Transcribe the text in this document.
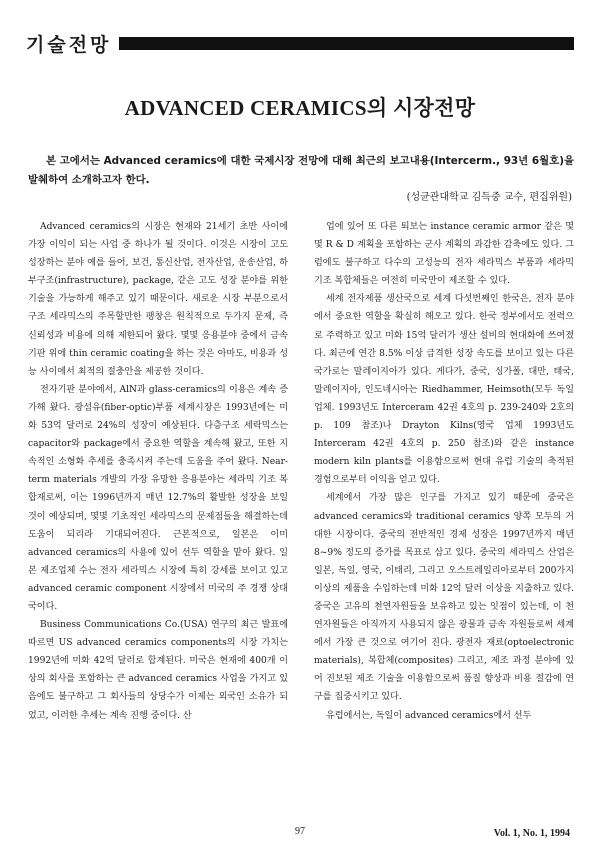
기술전망
ADVANCED CERAMICS의 시장전망

본 고에서는 Advanced ceramics에 대한 국제시장 전망에 대해 최근의 보고내용(Intercerm., 93년 6월호)을 발췌하여 소개하고자 한다.

(성균관대학교 김득중 교수, 편집위원)

Advanced ceramics의 시장은 현재와 21세기 초반 사이에 가장 이익이 되는 사업 중 하나가 될 것이다. 이것은 시장이 고도 성장하는 분야 예를 들어, 보건, 통신산업, 전자산업, 운송산업, 하부구조(infrastructure), package, 같은 고도 성장 분야를 위한 기술을 가능하게 해주고 있기 때문이다. 새로운 시장 부분으로서 구조 세라믹스의 주목할만한 팽창은 원칙적으로 두가지 문제, 즉 신뢰성과 비용에 의해 제한되어 왔다. 몇몇 응용분야 중에서 금속 기판 위에 thin ceramic coating을 하는 것은 아마도, 비용과 성능 사이에서 최적의 절충안을 제공한 것이다.

전자기판 분야에서, AlN과 glass-ceramics의 이용은 계속 증가해 왔다. 광섬유(fiber-optic)부품 세계시장은 1993년에는 미화 53억 달러로 24%의 성장이 예상된다. 다층구조 세락믹스는 capacitor와 package에서 중요한 역할을 계속해 왔고, 또한 지속적인 소형화 추세를 충족시켜 주는데 도움을 주어 왔다. Near-term materials 개발의 가장 유망한 응용분야는 세라믹 기조 복합재로써, 이는 1996년까지 매년 12.7%의 활발한 성장을 보일 것이 예상되며, 몇몇 기초적인 세라믹스의 문제점들을 해결하는데 도움이 되리라 기대되어진다. 근본적으로, 일본은 이미 advanced ceramics의 사용에 있어 선두 역할을 맡아 왔다. 일본 제조업체 수는 전자 세라믹스 시장에 특히 강세를 보이고 있고 advanced ceramic component 시장에서 미국의 주 경쟁 상대국이다.

Business Communications Co.(USA) 연구의 최근 발표에 따르면 US advanced ceramics components의 시장 가치는 1992년에 미화 42억 달러로 합계된다. 미국은 현재에 400개 이상의 회사를 포함하는 큰 advanced ceramics 사업을 가지고 있음에도 불구하고 그 회사들의 상당수가 이제는 외국인 소유가 되었고, 이러한 추세는 계속 진행 중이다. 산

업에 있어 또 다른 퇴보는 instance ceramic armor 같은 몇몇 R & D 계획을 포함하는 군사 계획의 과감한 감축에도 있다. 그럼에도 불구하고 다수의 고성능의 전자 세라믹스 부품과 세라믹 기조 복합체들은 여전히 미국만이 제조할 수 있다.

세계 전자제품 생산국으로 세계 다섯번째인 한국은, 전자 분야에서 중요한 역할을 확실히 해오고 있다. 한국 정부에서도 전력으로 주력하고 있고 미화 15억 달러가 생산 설비의 현대화에 쓰여졌다. 최근에 연간 8.5% 이상 급격한 성장 속도를 보이고 있는 다른 국가로는 말레이지아가 있다. 게다가, 중국, 싱가폴, 대만, 태국, 말레이지아, 인도네시아는 Riedhammer, Heimsoth(모두 독일 업체. 1993년도 Interceram 42권 4호의 p. 239-240와 2호의 p. 109 참조)나 Drayton Kilns(영국 업체 1993년도 Interceram 42권 4호의 p. 250 참조)와 같은 instance modern kiln plants를 이용함으로써 현대 유럽 기술의 축적된 경험으로부터 이익을 얻고 있다.

세계에서 가장 많은 인구를 가지고 있기 때문에 중국은 advanced ceramics와 traditional ceramics 양쪽 모두의 거대한 시장이다. 중국의 전반적인 경제 성장은 1997년까지 매년 8~9% 정도의 증가를 목표로 삼고 있다. 중국의 세라믹스 산업은 일본, 독일, 영국, 이태리, 그리고 오스트레일리아로부터 200가지 이상의 제품을 수입하는데 미화 12억 달러 이상을 지출하고 있다. 중국은 고유의 천연자원들을 보유하고 있는 잇점이 있는데, 이 천연자원들은 아직까지 사용되지 않은 광물과 금속 자원들로써 세계에서 가장 큰 것으로 여기어 진다. 광전자 재료(optoelectronic materials), 복합체(composites) 그리고, 제조 과정 분야에 있어 진보된 제조 기술을 이용함으로써 품질 향상과 비용 절감에 연구를 집중시키고 있다.

유럽에서는, 독일이 advanced ceramics에서 선두

97	Vol. 1, No. 1, 1994
